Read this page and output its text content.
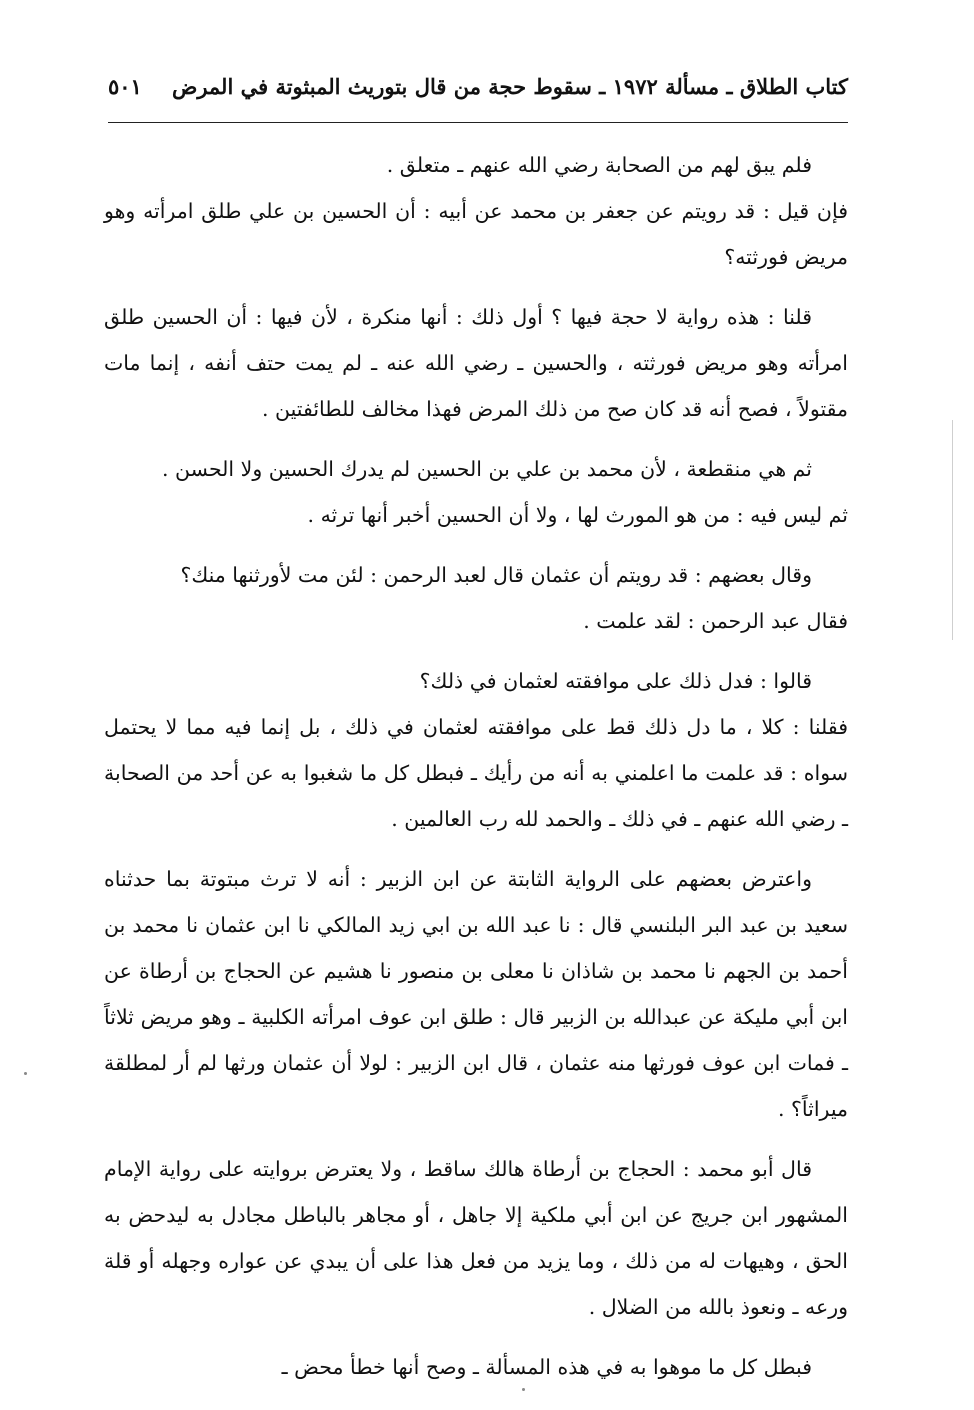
كتاب الطلاق ـ مسألة ١٩٧٢ ـ سقوط حجة من قال بتوريث المبثوتة في المرض
٥٠١

فلم يبق لهم من الصحابة رضي الله عنهم ـ متعلق .

فإن قيل : قد رويتم عن جعفر بن محمد عن أبيه : أن الحسين بن علي طلق امرأته وهو مريض فورثته؟

قلنا : هذه رواية لا حجة فيها ؟ أول ذلك : أنها منكرة ، لأن فيها : أن الحسين طلق امرأته وهو مريض فورثته ، والحسين ـ رضي الله عنه ـ لم يمت حتف أنفه ، إنما مات مقتولاً ، فصح أنه قد كان صح من ذلك المرض فهذا مخالف للطائفتين .

ثم هي منقطعة ، لأن محمد بن علي بن الحسين لم يدرك الحسين ولا الحسن .

ثم ليس فيه : من هو المورث لها ، ولا أن الحسين أخبر أنها ترثه .

وقال بعضهم : قد رويتم أن عثمان قال لعبد الرحمن : لئن مت لأورثنها منك؟

فقال عبد الرحمن : لقد علمت .

قالوا : فدل ذلك على موافقته لعثمان في ذلك؟

فقلنا : كلا ، ما دل ذلك قط على موافقته لعثمان في ذلك ، بل إنما فيه مما لا يحتمل سواه : قد علمت ما اعلمني به أنه من رأيك ـ فبطل كل ما شغبوا به عن أحد من الصحابة ـ رضي الله عنهم ـ في ذلك ـ والحمد لله رب العالمين .

واعترض بعضهم على الرواية الثابتة عن ابن الزبير : أنه لا ترث مبتوتة بما حدثناه سعيد بن عبد البر البلنسي قال : نا عبد الله بن ابي زيد المالكي نا ابن عثمان نا محمد بن أحمد بن الجهم نا محمد بن شاذان نا معلى بن منصور نا هشيم عن الحجاج بن أرطاة عن ابن أبي مليكة عن عبدالله بن الزبير قال : طلق ابن عوف امرأته الكلبية ـ وهو مريض ثلاثاً ـ فمات ابن عوف فورثها منه عثمان ، قال ابن الزبير : لولا أن عثمان ورثها لم أر لمطلقة ميراثاً؟ .

قال أبو محمد : الحجاج بن أرطاة هالك ساقط ، ولا يعترض بروايته على رواية الإمام المشهور ابن جريج عن ابن أبي ملكية إلا جاهل ، أو مجاهر بالباطل مجادل به ليدحض به الحق ، وهيهات له من ذلك ، وما يزيد من فعل هذا على أن يبدي عن عواره وجهله أو قلة ورعه ـ ونعوذ بالله من الضلال .

فبطل كل ما موهوا به في هذه المسألة ـ وصح أنها خطأ محض ـ
